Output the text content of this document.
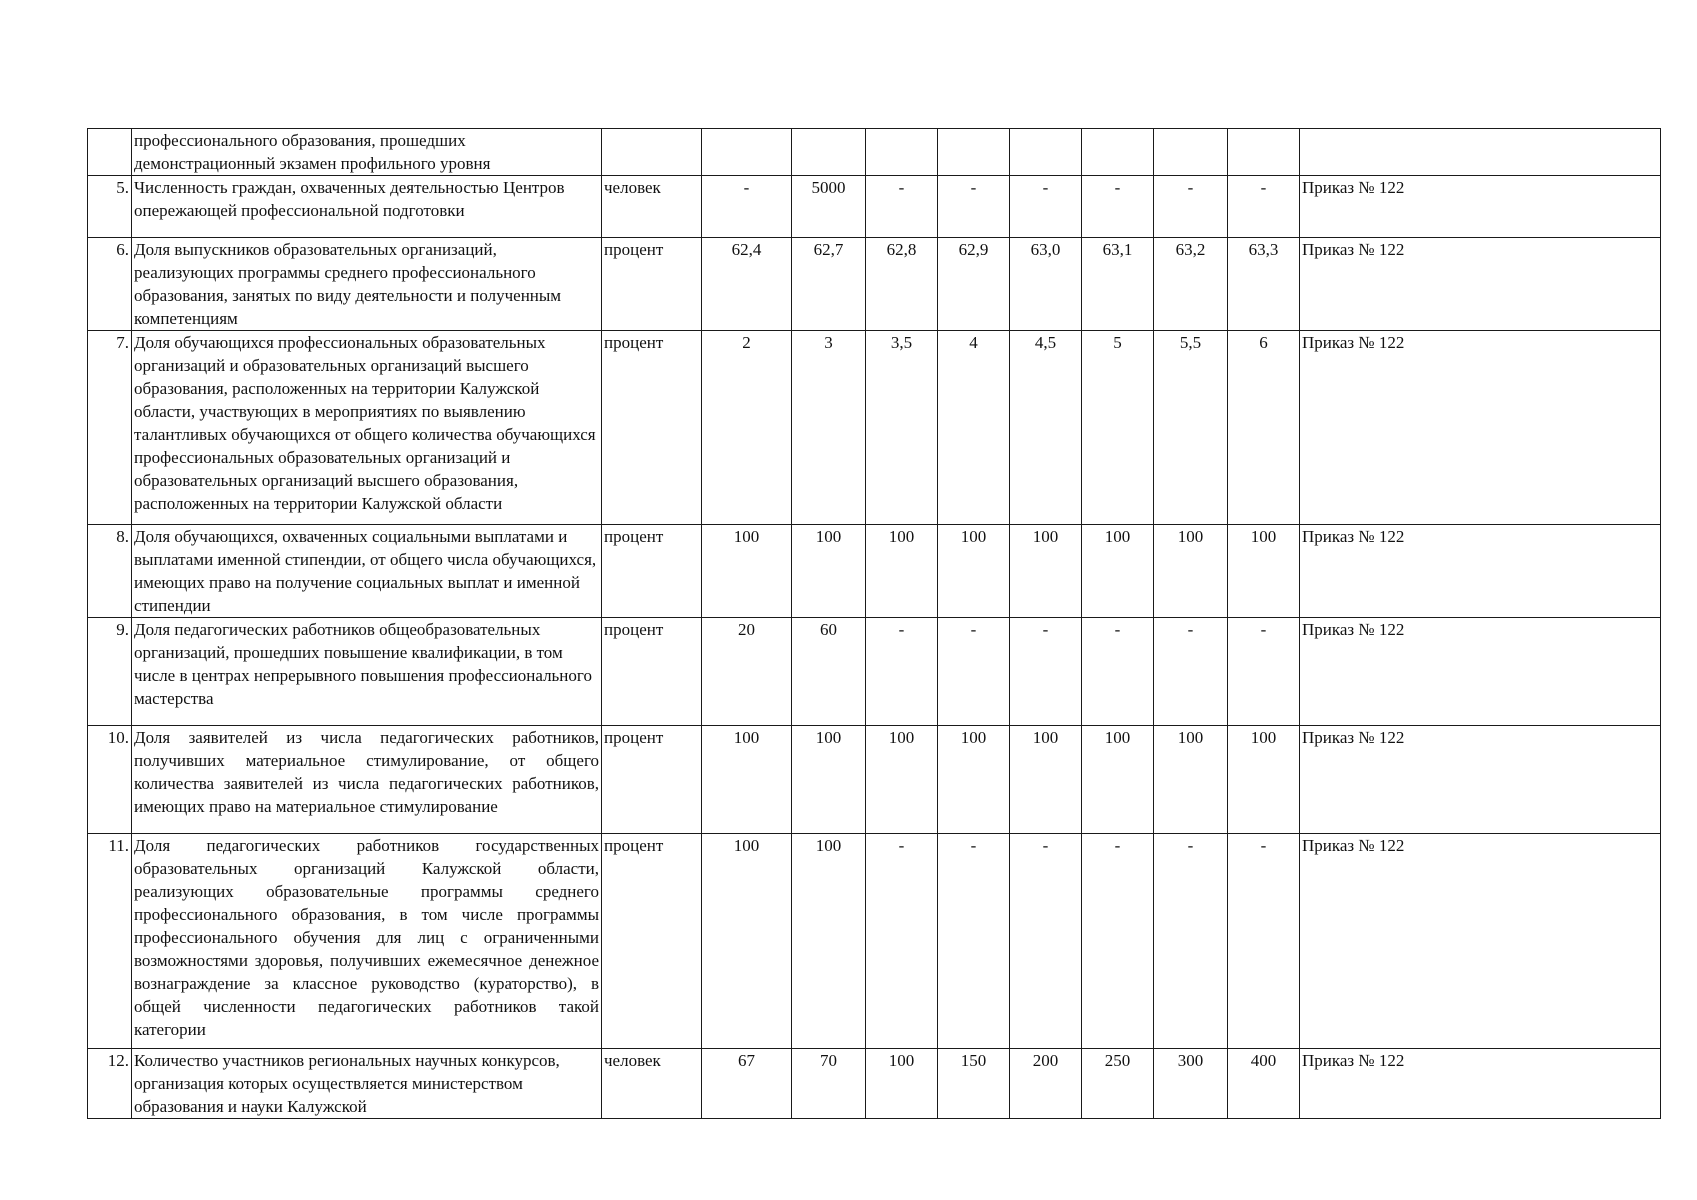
	профессионального образования, прошедших демонстрационный экзамен профильного уровня										
5.	Численность граждан, охваченных деятельностью Центров опережающей профессиональной подготовки	человек	-	5000	-	-	-	-	-	-	Приказ № 122
6.	Доля выпускников образовательных организаций, реализующих программы среднего профессионального образования, занятых по виду деятельности и полученным компетенциям	процент	62,4	62,7	62,8	62,9	63,0	63,1	63,2	63,3	Приказ № 122
7.	Доля обучающихся профессиональных образовательных организаций и образовательных организаций высшего образования, расположенных на территории Калужской области, участвующих в мероприятиях по выявлению талантливых обучающихся от общего количества обучающихся профессиональных образовательных организаций и образовательных организаций высшего образования, расположенных на территории Калужской области	процент	2	3	3,5	4	4,5	5	5,5	6	Приказ № 122
8.	Доля обучающихся, охваченных социальными выплатами и выплатами именной стипендии, от общего числа обучающихся, имеющих право на получение социальных выплат и именной стипендии	процент	100	100	100	100	100	100	100	100	Приказ № 122
9.	Доля педагогических работников общеобразовательных организаций, прошедших повышение квалификации, в том числе в центрах непрерывного повышения профессионального мастерства	процент	20	60	-	-	-	-	-	-	Приказ № 122
10.	Доля заявителей из числа педагогических работников, получивших материальное стимулирование, от общего количества заявителей из числа педагогических работников, имеющих право на материальное стимулирование	процент	100	100	100	100	100	100	100	100	Приказ № 122
11.	Доля педагогических работников государственных образовательных организаций Калужской области, реализующих образовательные программы среднего профессионального образования, в том числе программы профессионального обучения для лиц с ограниченными возможностями здоровья, получивших ежемесячное денежное вознаграждение за классное руководство (кураторство), в общей численности педагогических работников такой категории	процент	100	100	-	-	-	-	-	-	Приказ № 122
12.	Количество участников региональных научных конкурсов, организация которых осуществляется министерством образования и науки Калужской	человек	67	70	100	150	200	250	300	400	Приказ № 122
